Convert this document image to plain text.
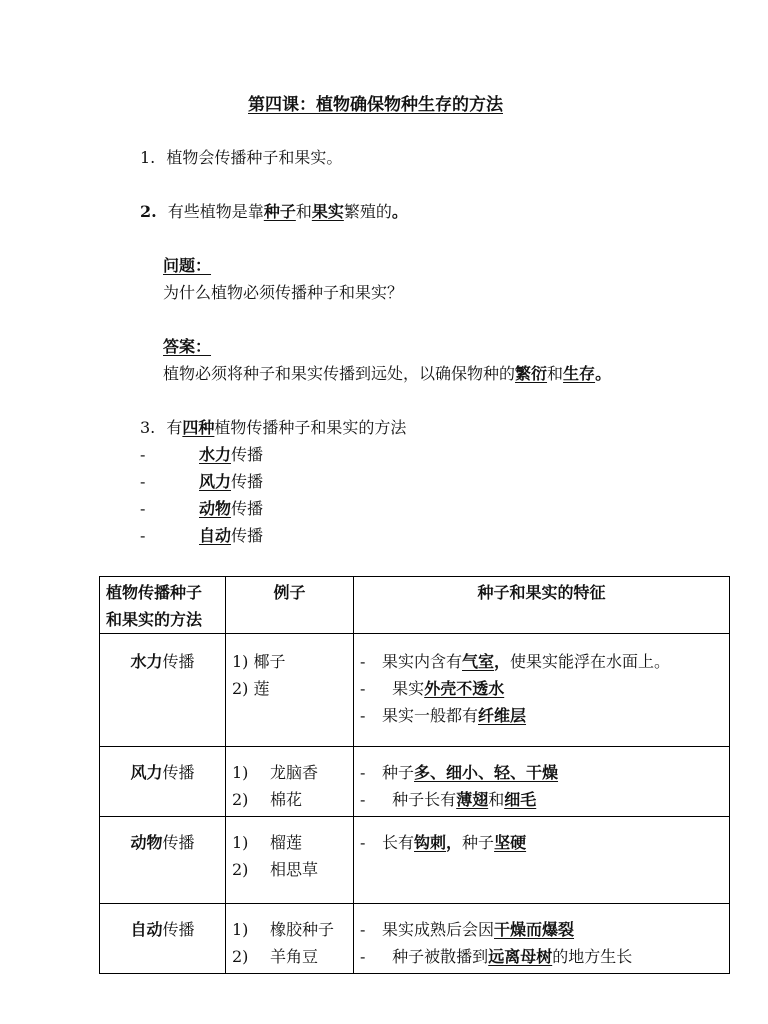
第四课：植物确保物种生存的方法
1. 植物会传播种子和果实。
2. 有些植物是靠种子和果实繁殖的。
问题：
为什么植物必须传播种子和果实？
答案：
植物必须将种子和果实传播到远处，以确保物种的繁衍和生存。
3. 有四种植物传播种子和果实的方法
-	水力传播
-	风力传播
-	动物传播
-	自动传播
植物传播种子
和果实的方法	例子	种子和果实的特征

水力传播	1) 椰子
2) 莲	- 果实内含有气室，使果实能浮在水面上。
- 果实外壳不透水
- 果实一般都有纤维层

风力传播	1) 龙脑香
2) 棉花	- 种子多、细小、轻、干燥
- 种子长有薄翅和细毛

动物传播	1) 榴莲
2) 相思草	- 长有钩刺，种子坚硬

自动传播	1) 橡胶种子
2) 羊角豆	- 果实成熟后会因干燥而爆裂
- 种子被散播到远离母树的地方生长
